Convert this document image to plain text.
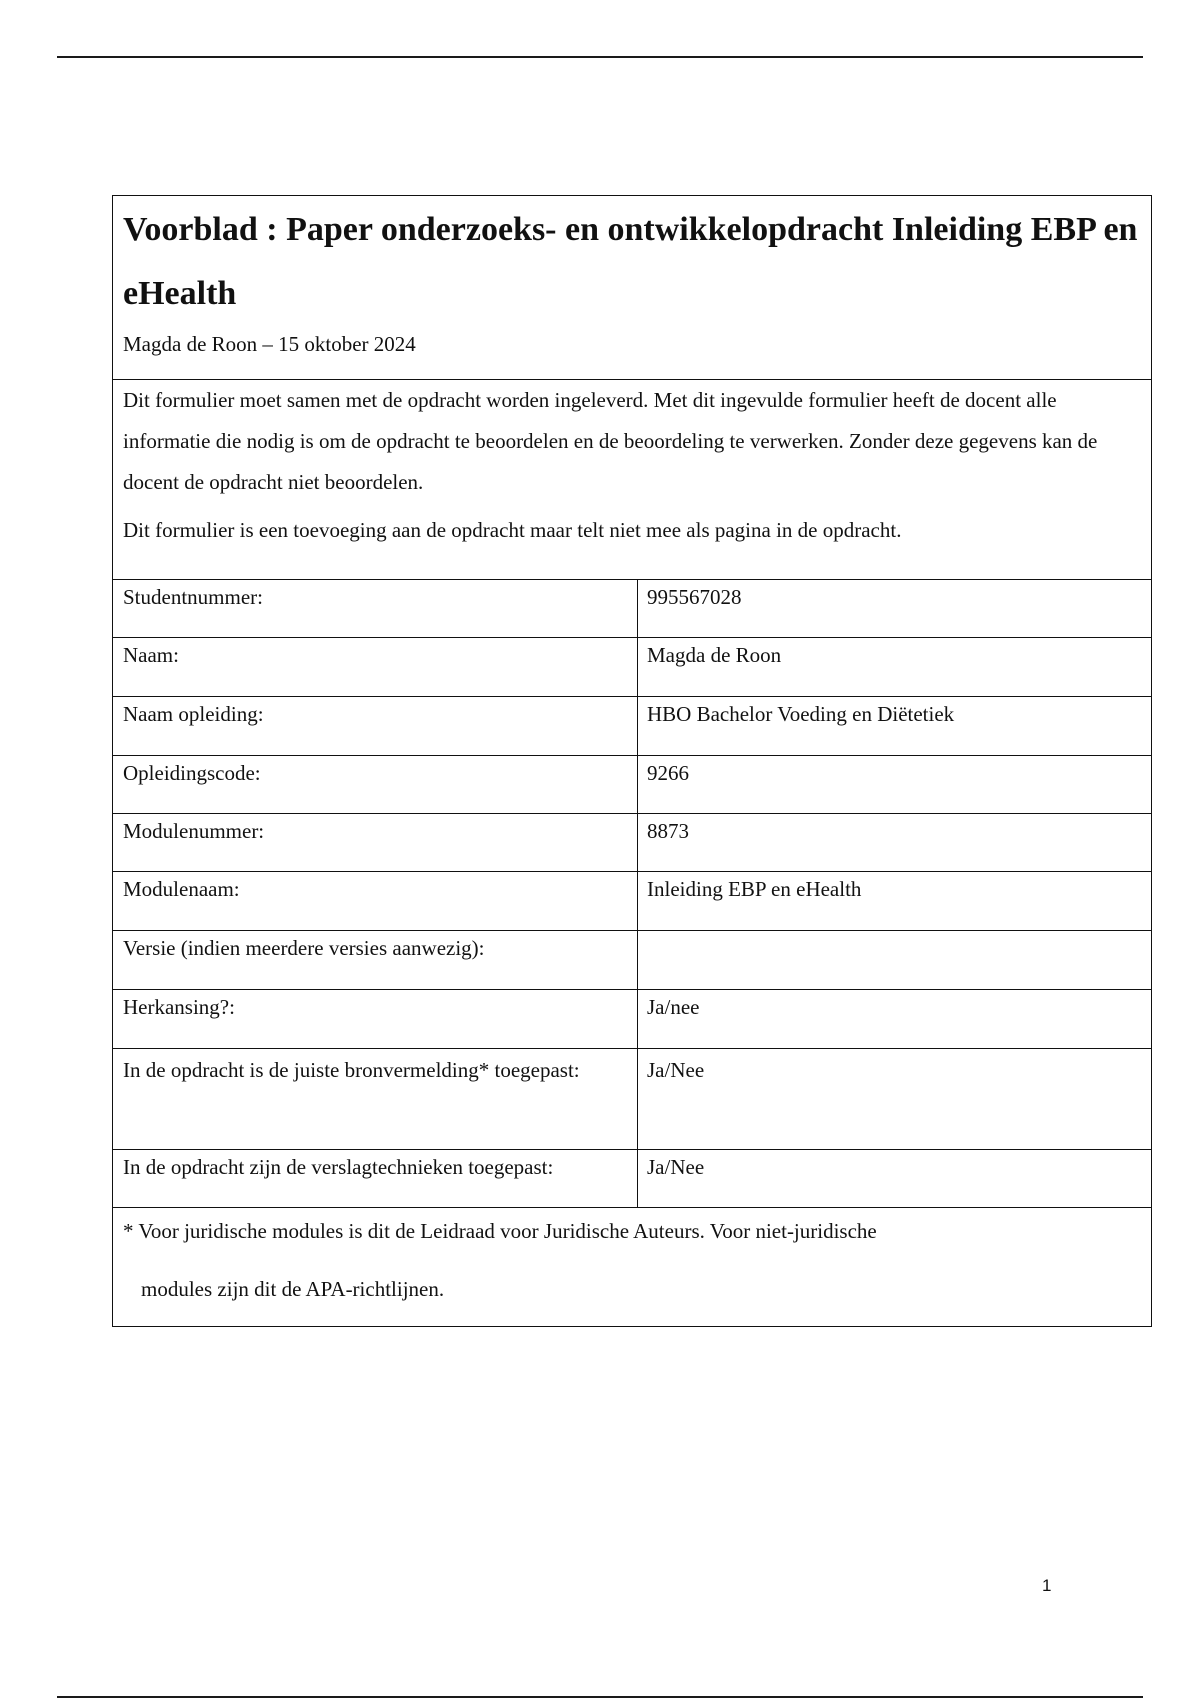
Voorblad : Paper onderzoeks- en ontwikkelopdracht Inleiding EBP en eHealth
Magda de Roon – 15 oktober 2024

Dit formulier moet samen met de opdracht worden ingeleverd. Met dit ingevulde formulier heeft de docent alle informatie die nodig is om de opdracht te beoordelen en de beoordeling te verwerken. Zonder deze gegevens kan de docent de opdracht niet beoordelen.

Dit formulier is een toevoeging aan de opdracht maar telt niet mee als pagina in de opdracht.

Studentnummer:	995567028
Naam:	Magda de Roon
Naam opleiding:	HBO Bachelor Voeding en Diëtetiek
Opleidingscode:	9266
Modulenummer:	8873
Modulenaam:	Inleiding EBP en eHealth
Versie (indien meerdere versies aanwezig):
Herkansing?:	Ja/nee
In de opdracht is de juiste bronvermelding* toegepast:	Ja/Nee
In de opdracht zijn de verslagtechnieken toegepast:	Ja/Nee
* Voor juridische modules is dit de Leidraad voor Juridische Auteurs. Voor niet-juridische
modules zijn dit de APA-richtlijnen.
1
